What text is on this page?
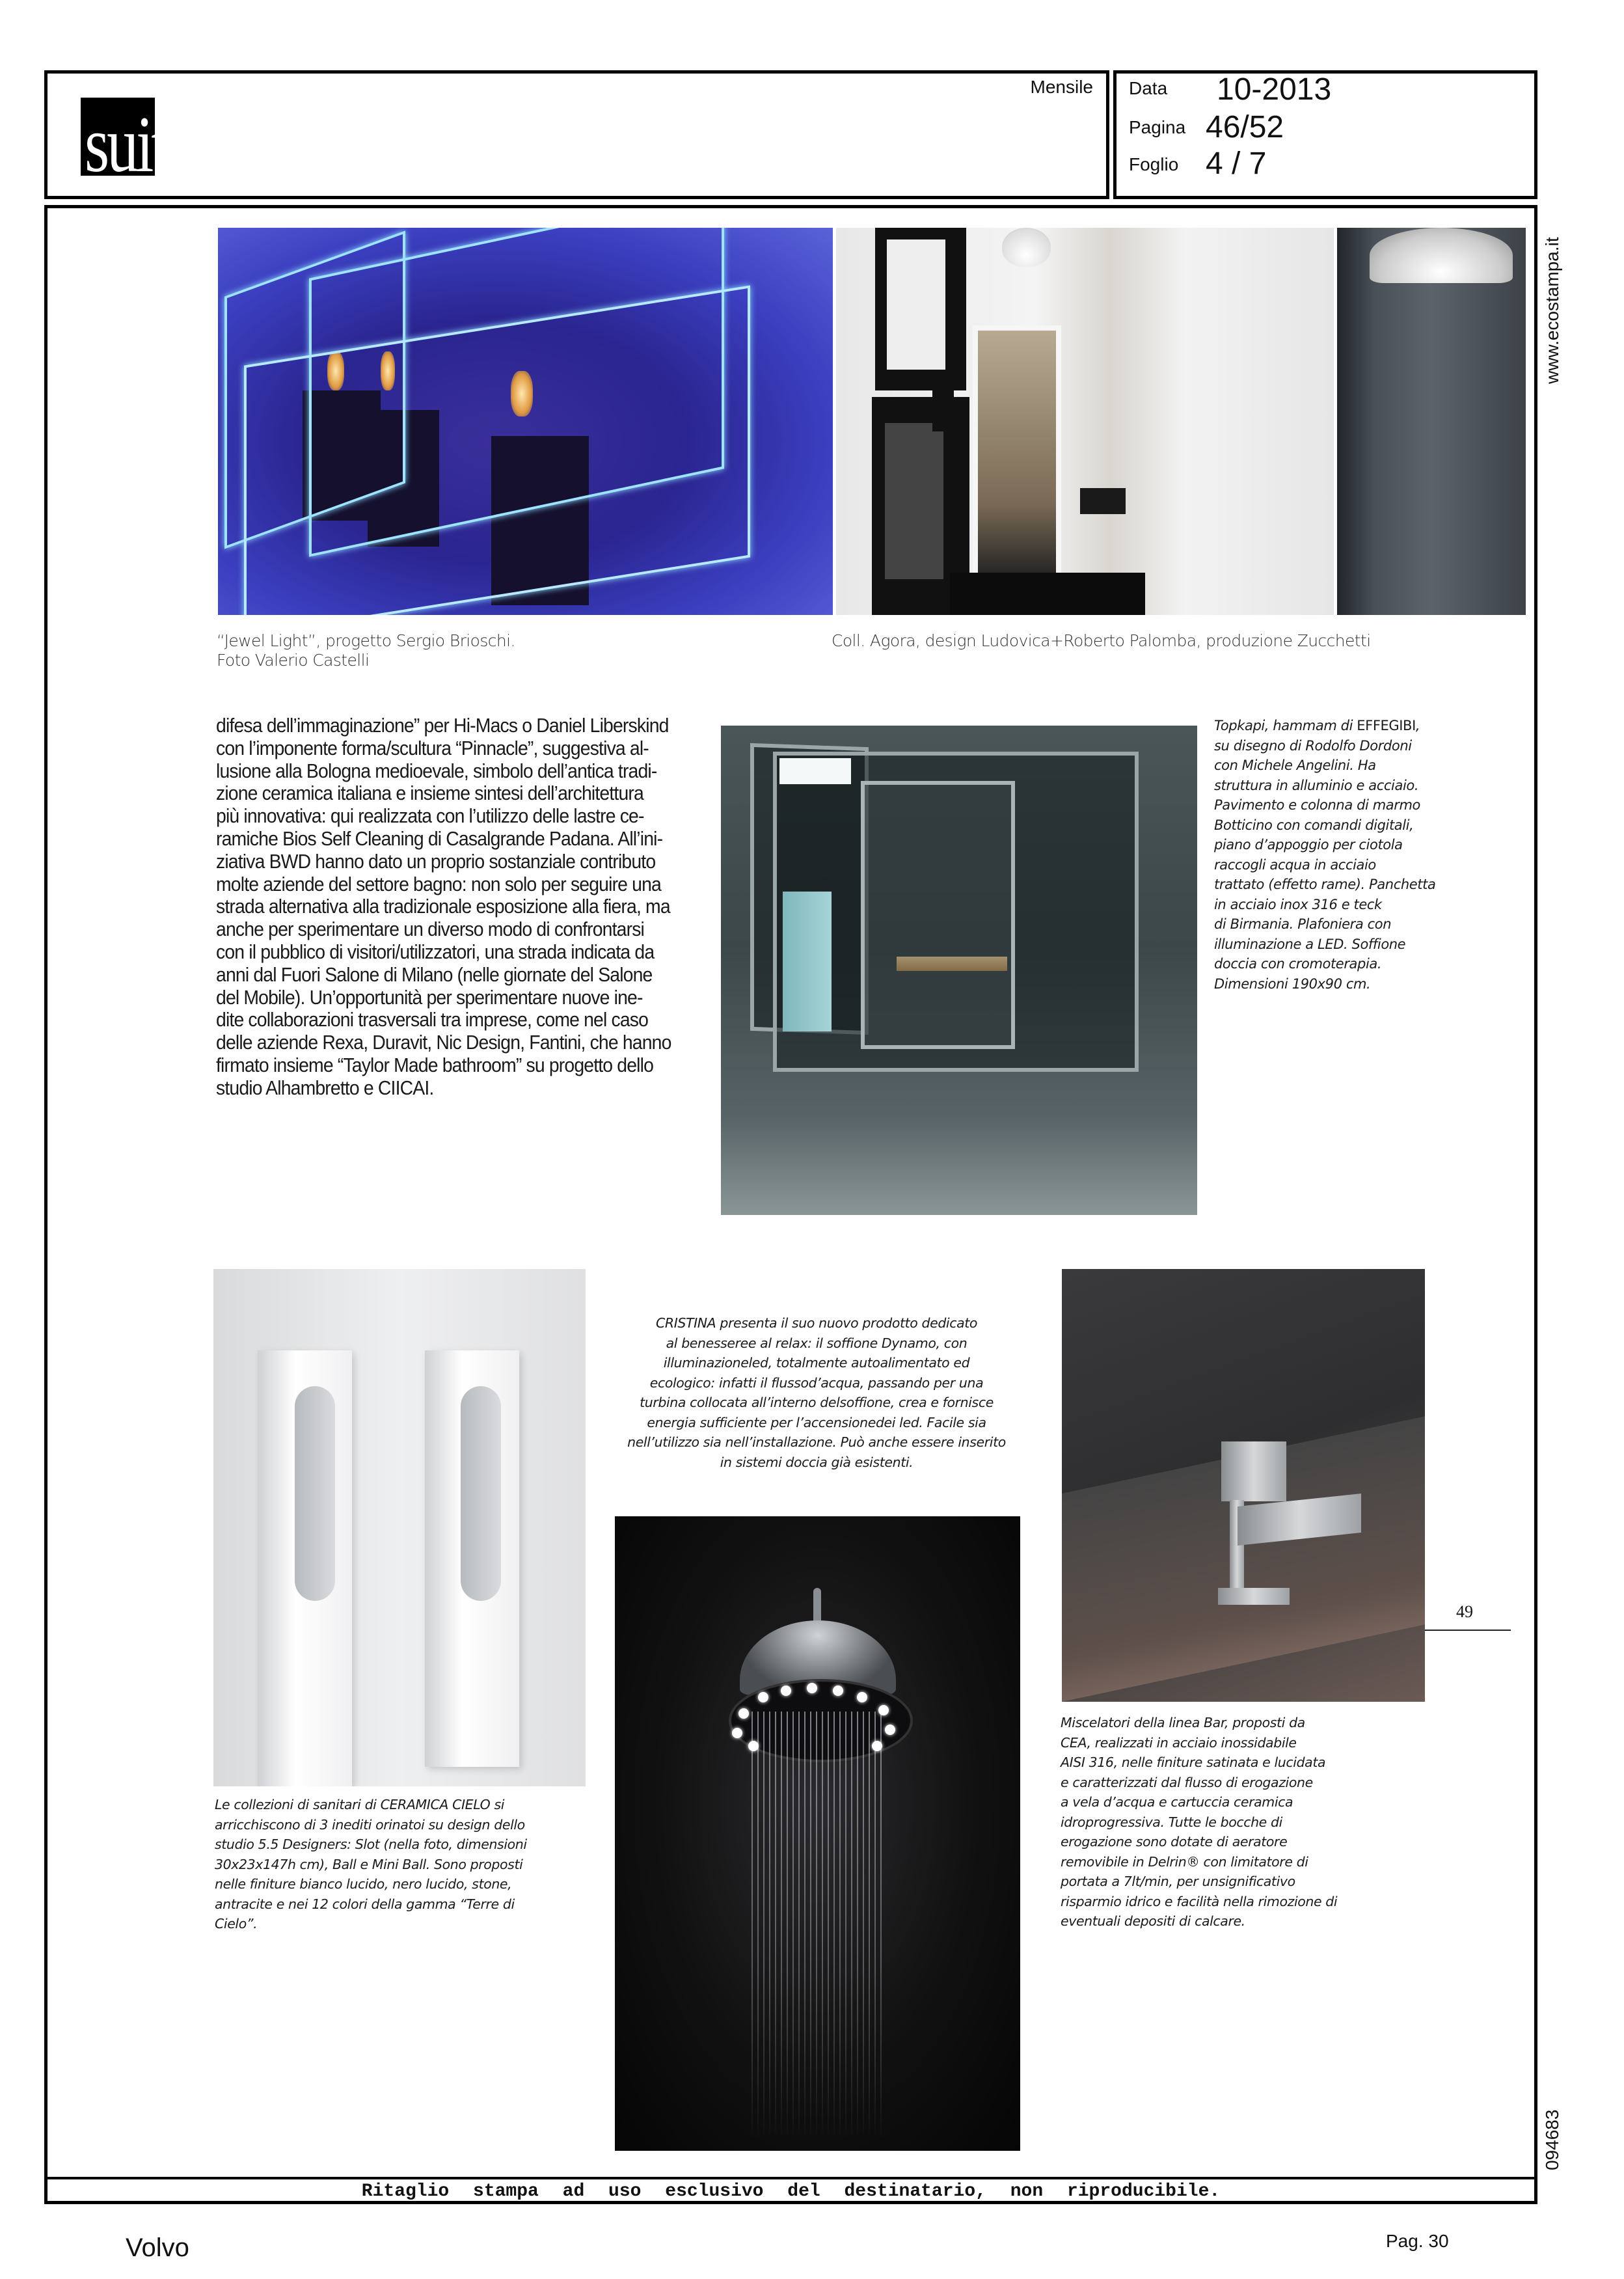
suite
Mensile Data 10-2013
Pagina 46/52
Foglio 4 / 7
www.ecostampa.it
094683
“Jewel Light”, progetto Sergio Brioschi.
Foto Valerio Castelli
Coll. Agora, design Ludovica+Roberto Palomba, produzione Zucchetti
difesa dell’immaginazione” per Hi-Macs o Daniel Liberskind
con l’imponente forma/scultura “Pinnacle”, suggestiva al-
lusione alla Bologna medioevale, simbolo dell’antica tradi-
zione ceramica italiana e insieme sintesi dell’architettura
più innovativa: qui realizzata con l’utilizzo delle lastre ce-
ramiche Bios Self Cleaning di Casalgrande Padana. All’ini-
ziativa BWD hanno dato un proprio sostanziale contributo
molte aziende del settore bagno: non solo per seguire una
strada alternativa alla tradizionale esposizione alla fiera, ma
anche per sperimentare un diverso modo di confrontarsi
con il pubblico di visitori/utilizzatori, una strada indicata da
anni dal Fuori Salone di Milano (nelle giornate del Salone
del Mobile). Un’opportunità per sperimentare nuove ine-
dite collaborazioni trasversali tra imprese, come nel caso
delle aziende Rexa, Duravit, Nic Design, Fantini, che hanno
firmato insieme “Taylor Made bathroom” su progetto dello
studio Alhambretto e CIICAI.
Topkapi, hammam di EFFEGIBI,
su disegno di Rodolfo Dordoni
con Michele Angelini. Ha
struttura in alluminio e acciaio.
Pavimento e colonna di marmo
Botticino con comandi digitali,
piano d’appoggio per ciotola
raccogli acqua in acciaio
trattato (effetto rame). Panchetta
in acciaio inox 316 e teck
di Birmania. Plafoniera con
illuminazione a LED. Soffione
doccia con cromoterapia.
Dimensioni 190x90 cm.
Le collezioni di sanitari di CERAMICA CIELO si
arricchiscono di 3 inediti orinatoi su design dello
studio 5.5 Designers: Slot (nella foto, dimensioni
30x23x147h cm), Ball e Mini Ball. Sono proposti
nelle finiture bianco lucido, nero lucido, stone,
antracite e nei 12 colori della gamma “Terre di
Cielo”.
CRISTINA presenta il suo nuovo prodotto dedicato
al benesseree al relax: il soffione Dynamo, con
illuminazioneled, totalmente autoalimentato ed
ecologico: infatti il flussod’acqua, passando per una
turbina collocata all’interno delsoffione, crea e fornisce
energia sufficiente per l’accensionedei led. Facile sia
nell’utilizzo sia nell’installazione. Può anche essere inserito
in sistemi doccia già esistenti.
Miscelatori della linea Bar, proposti da
CEA, realizzati in acciaio inossidabile
AISI 316, nelle finiture satinata e lucidata
e caratterizzati dal flusso di erogazione
a vela d’acqua e cartuccia ceramica
idroprogressiva. Tutte le bocche di
erogazione sono dotate di aeratore
removibile in Delrin® con limitatore di
portata a 7lt/min, per unsignificativo
risparmio idrico e facilità nella rimozione di
eventuali depositi di calcare.
49
Ritaglio stampa ad uso esclusivo del destinatario, non riproducibile.
Volvo	Pag. 30
